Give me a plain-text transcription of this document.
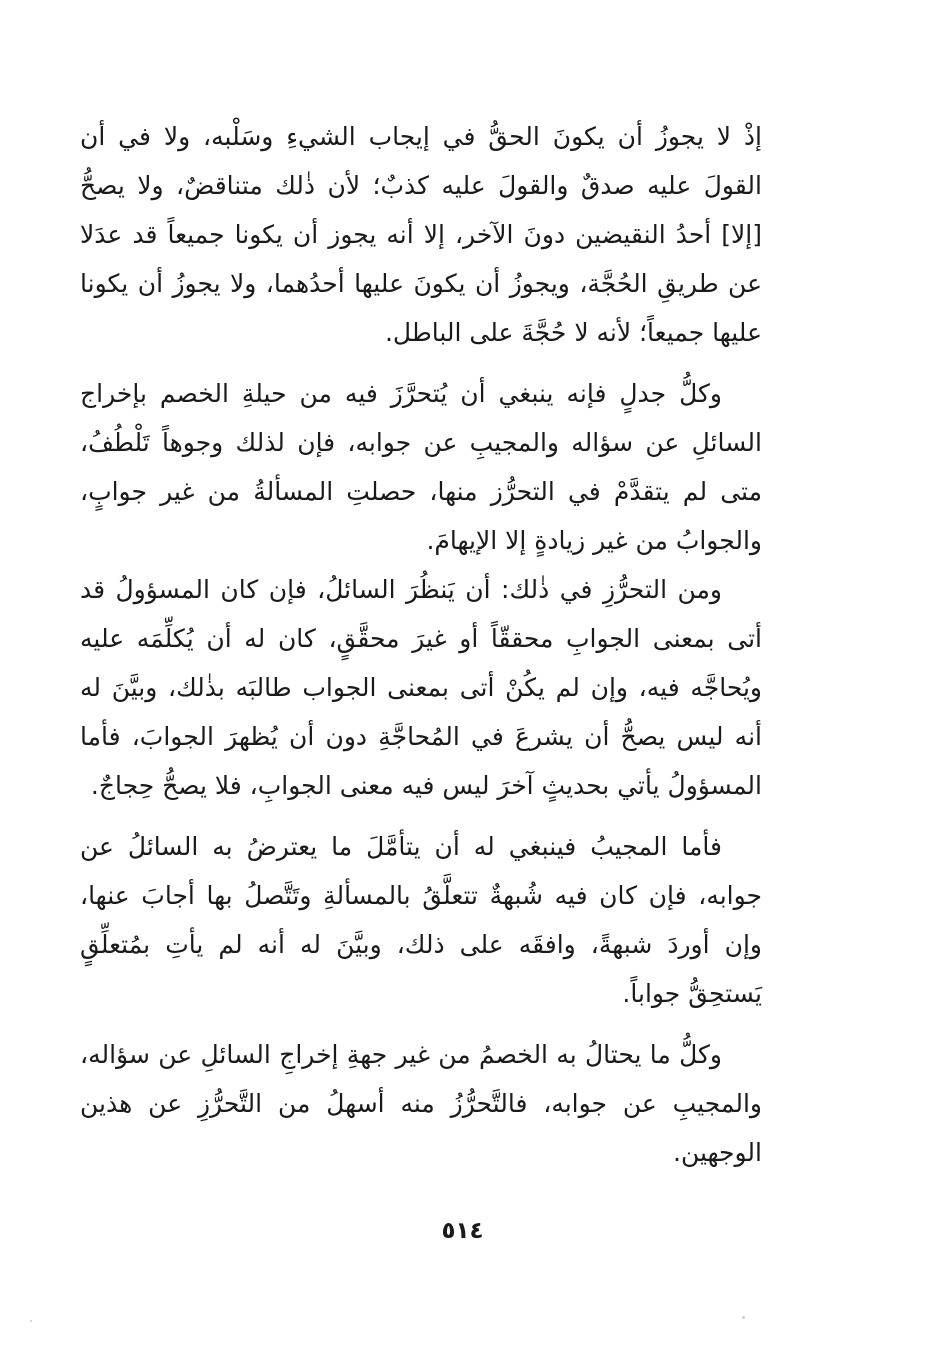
إذْ لا يجوزُ أن يكونَ الحقُّ في إيجاب الشيءِ وسَلْبه، ولا في أن القولَ عليه صدقٌ والقولَ عليه كذبٌ؛ لأن ذٰلك متناقضٌ، ولا يصحُّ [إلا] أحدُ النقيضين دونَ الآخر، إلا أنه يجوز أن يكونا جميعاً قد عدَلا عن طريقِ الحُجَّة، ويجوزُ أن يكونَ عليها أحدُهما، ولا يجوزُ أن يكونا عليها جميعاً؛ لأنه لا حُجَّةَ على الباطل.

وكلُّ جدلٍ فإنه ينبغي أن يُتحرَّزَ فيه من حيلةِ الخصم بإخراج السائلِ عن سؤاله والمجيبِ عن جوابه، فإن لذلك وجوهاً تَلْطُفُ، متى لم يتقدَّمْ في التحرُّز منها، حصلتِ المسألةُ من غير جوابٍ، والجوابُ من غير زيادةٍ إلا الإيهامَ.

ومن التحرُّزِ في ذٰلك: أن يَنظُرَ السائلُ، فإن كان المسؤولُ قد أتى بمعنى الجوابِ محققّاً أو غيرَ محقَّقٍ، كان له أن يُكلِّمَه عليه ويُحاجَّه فيه، وإن لم يكُنْ أتى بمعنى الجواب طالبَه بذٰلك، وبيَّنَ له أنه ليس يصحُّ أن يشرعَ في المُحاجَّةِ دون أن يُظهرَ الجوابَ، فأما المسؤولُ يأتي بحديثٍ آخرَ ليس فيه معنى الجوابِ، فلا يصحُّ حِجاجٌ.

فأما المجيبُ فينبغي له أن يتأمَّلَ ما يعترضُ به السائلُ عن جوابه، فإن كان فيه شُبهةٌ تتعلَّقُ بالمسألةِ وتَتَّصلُ بها أجابَ عنها، وإن أوردَ شبهةً، وافقَه على ذلك، وبيَّنَ له أنه لم يأتِ بمُتعلِّقٍ يَستحِقُّ جواباً.

وكلُّ ما يحتالُ به الخصمُ من غير جهةِ إخراجِ السائلِ عن سؤاله، والمجيبِ عن جوابه، فالتَّحرُّزُ منه أسهلُ من التَّحرُّزِ عن هذين الوجهين.

٥١٤
